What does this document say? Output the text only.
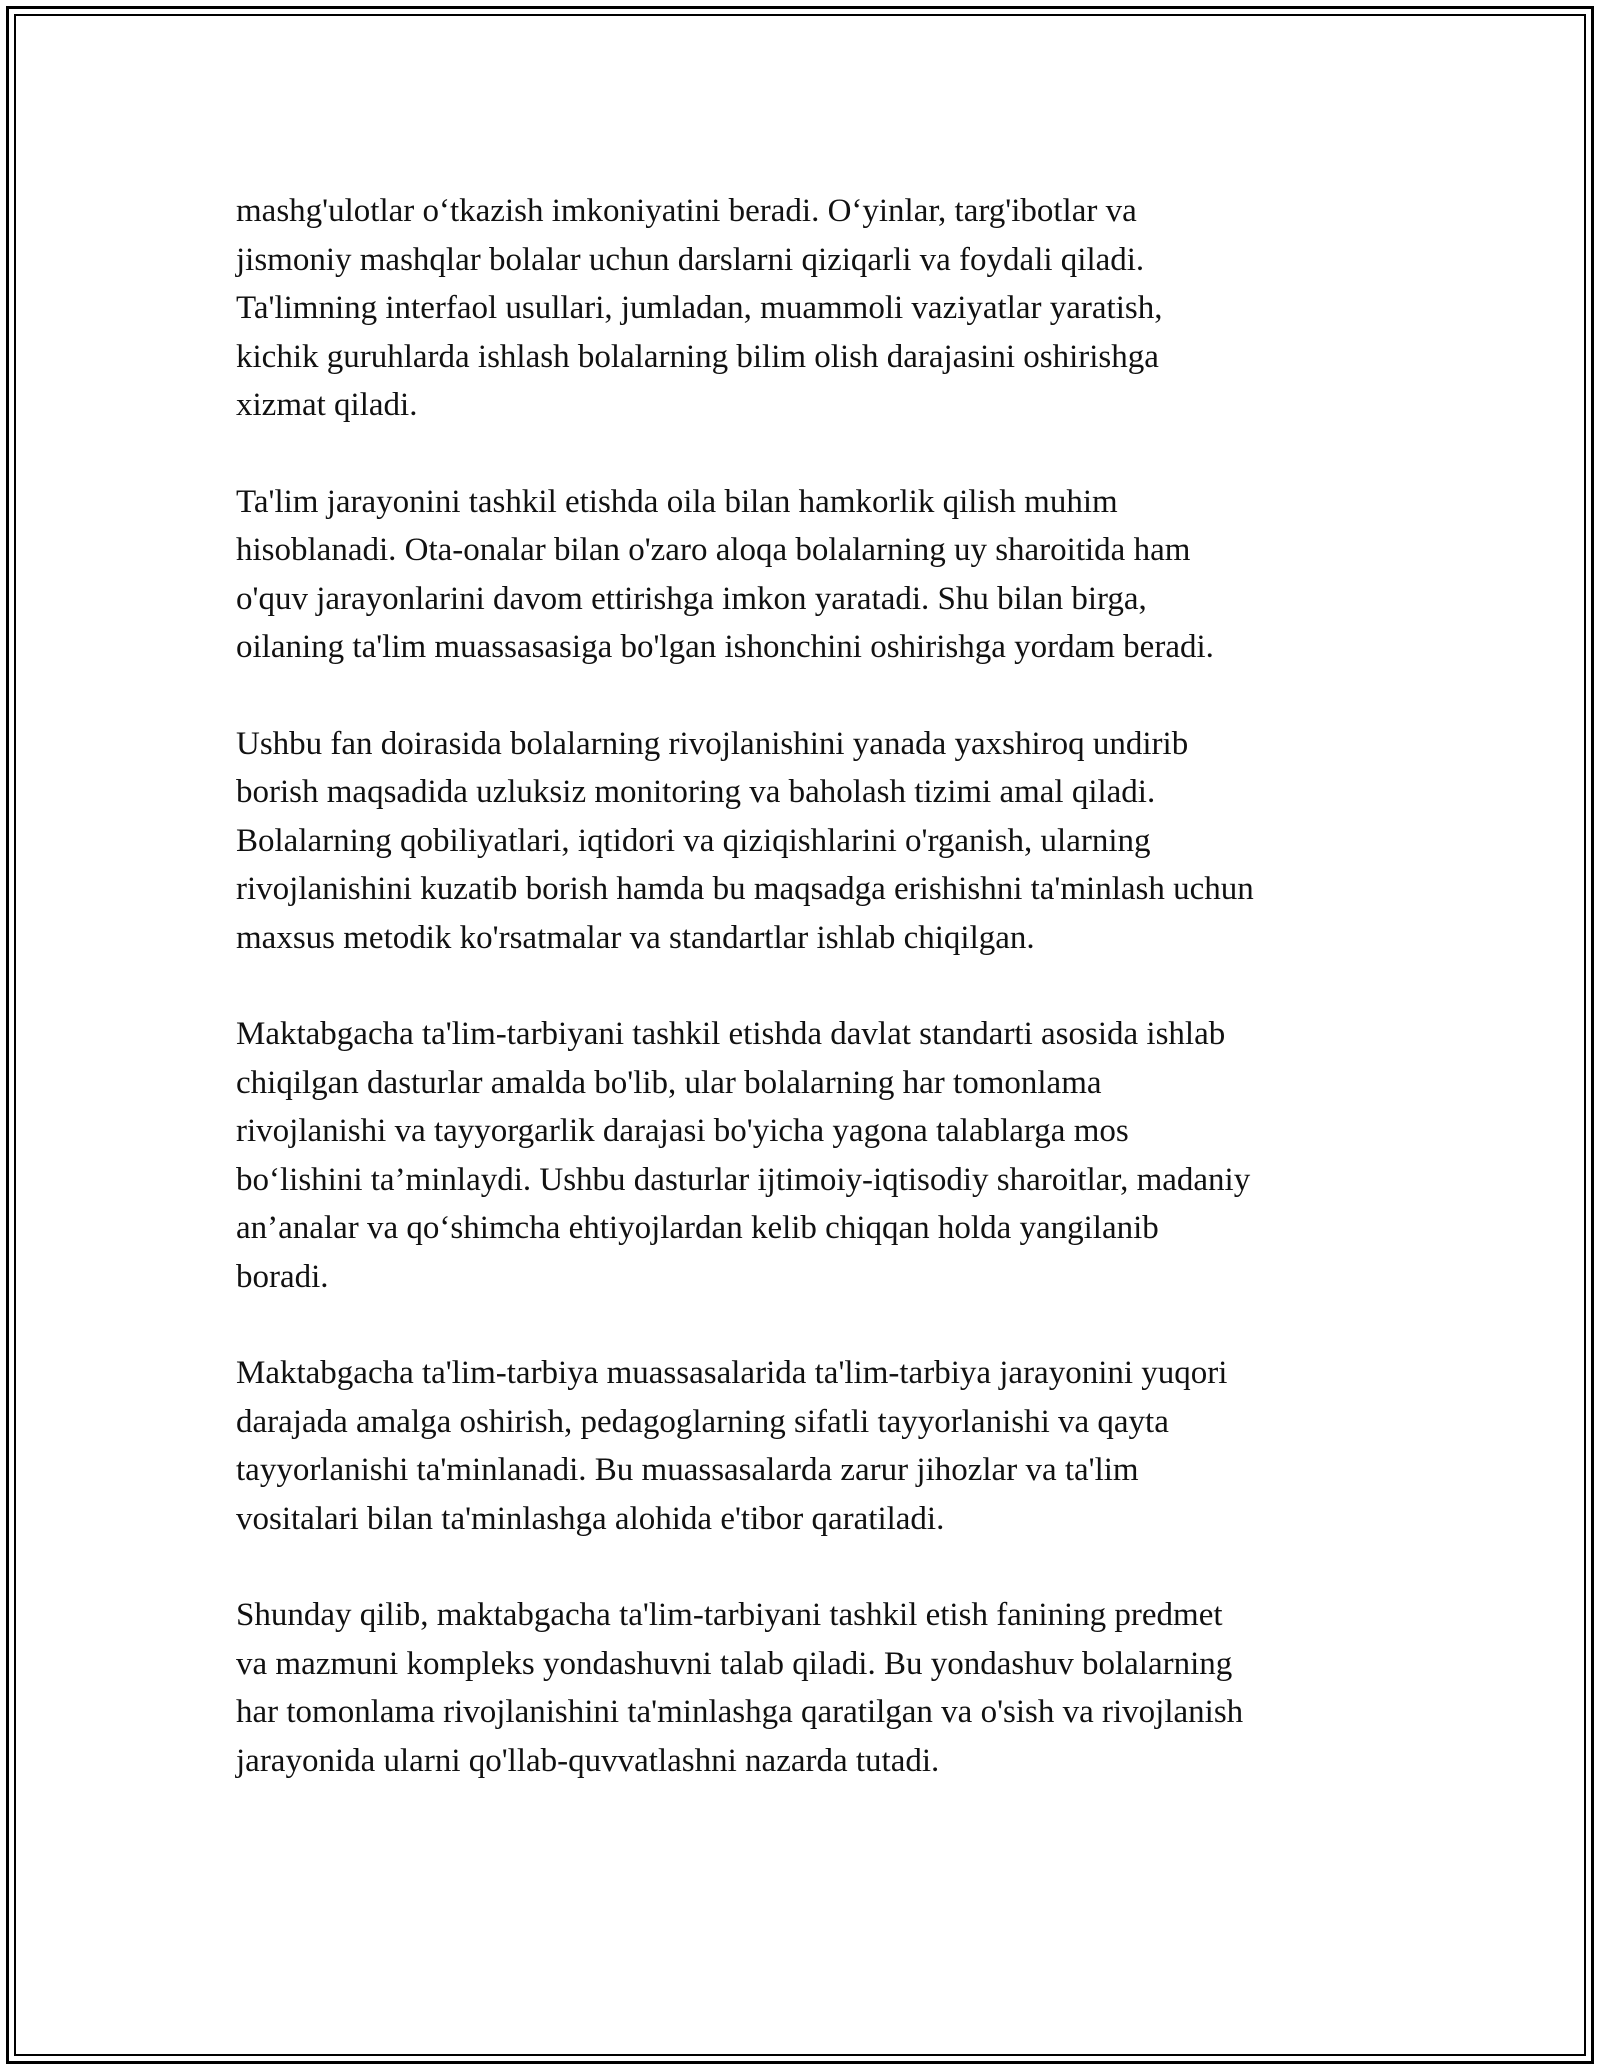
mashg'ulotlar o‘tkazish imkoniyatini beradi. O‘yinlar, targ'ibotlar va
jismoniy mashqlar bolalar uchun darslarni qiziqarli va foydali qiladi.
Ta'limning interfaol usullari, jumladan, muammoli vaziyatlar yaratish,
kichik guruhlarda ishlash bolalarning bilim olish darajasini oshirishga
xizmat qiladi.
Ta'lim jarayonini tashkil etishda oila bilan hamkorlik qilish muhim
hisoblanadi. Ota-onalar bilan o'zaro aloqa bolalarning uy sharoitida ham
o'quv jarayonlarini davom ettirishga imkon yaratadi. Shu bilan birga,
oilaning ta'lim muassasasiga bo'lgan ishonchini oshirishga yordam beradi.
Ushbu fan doirasida bolalarning rivojlanishini yanada yaxshiroq undirib
borish maqsadida uzluksiz monitoring va baholash tizimi amal qiladi.
Bolalarning qobiliyatlari, iqtidori va qiziqishlarini o'rganish, ularning
rivojlanishini kuzatib borish hamda bu maqsadga erishishni ta'minlash uchun
maxsus metodik ko'rsatmalar va standartlar ishlab chiqilgan.
Maktabgacha ta'lim-tarbiyani tashkil etishda davlat standarti asosida ishlab
chiqilgan dasturlar amalda bo'lib, ular bolalarning har tomonlama
rivojlanishi va tayyorgarlik darajasi bo'yicha yagona talablarga mos
bo‘lishini ta’minlaydi. Ushbu dasturlar ijtimoiy-iqtisodiy sharoitlar, madaniy
an’analar va qo‘shimcha ehtiyojlardan kelib chiqqan holda yangilanib
boradi.
Maktabgacha ta'lim-tarbiya muassasalarida ta'lim-tarbiya jarayonini yuqori
darajada amalga oshirish, pedagoglarning sifatli tayyorlanishi va qayta
tayyorlanishi ta'minlanadi. Bu muassasalarda zarur jihozlar va ta'lim
vositalari bilan ta'minlashga alohida e'tibor qaratiladi.
Shunday qilib, maktabgacha ta'lim-tarbiyani tashkil etish fanining predmet
va mazmuni kompleks yondashuvni talab qiladi. Bu yondashuv bolalarning
har tomonlama rivojlanishini ta'minlashga qaratilgan va o'sish va rivojlanish
jarayonida ularni qo'llab-quvvatlashni nazarda tutadi.
